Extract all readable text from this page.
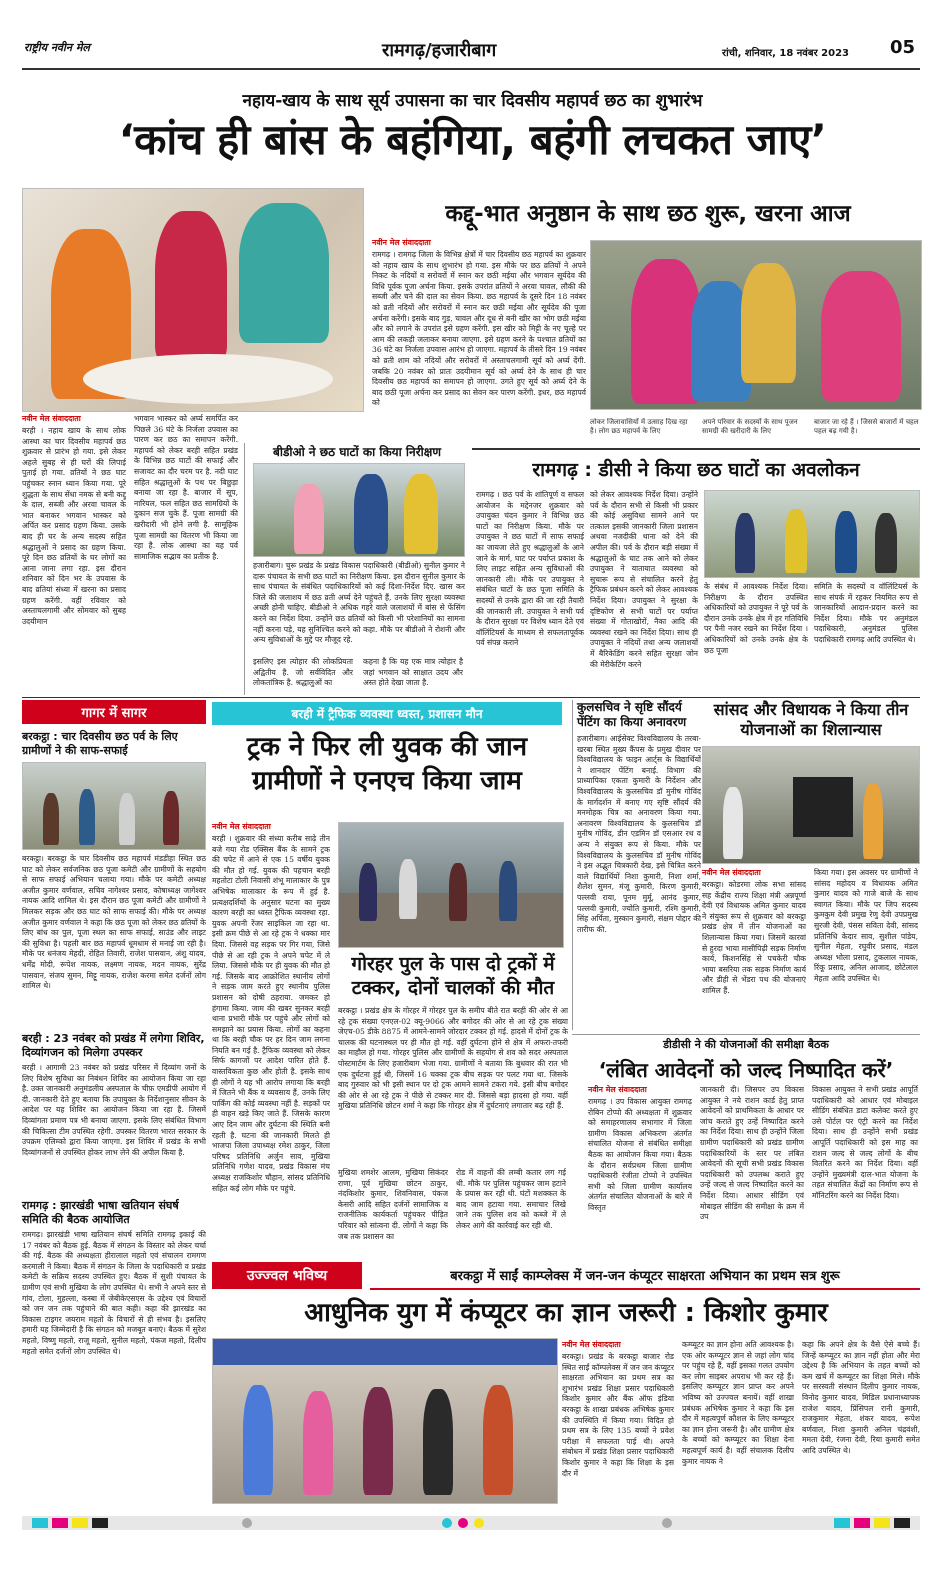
राष्ट्रीय नवीन मेल	रामगढ़/हजारीबाग	रांची, शनिवार, 18 नवंबर 2023 05
नहाय-खाय के साथ सूर्य उपासना का चार दिवसीय महापर्व छठ का शुभारंभ
‘कांच ही बांस के बहंगिया, बहंगी लचकत जाए’
कद्दू-भात अनुष्ठान के साथ छठ शुरू, खरना आज
नवीन मेल संवाददाता
रामगढ़ । रामगढ़ जिला के विभिन्न क्षेत्रों में चार दिवसीय छठ महापर्व का शुक्रवार को नहाय खाय के साथ शुभारंभ हो गया. इस मौके पर छठ व्रतियों ने अपने निकट के नदियों व सरोवरों में स्नान कर छठी मईया और भगवान सूर्यदेव की विधि पूर्वक पूजा अर्चना किया. इसके उपरांत व्रतियों ने अरवा चावल, लौकी की सब्जी और चने की दाल का सेवन किया. छठ महापर्व के दूसरे दिन 18 नवंबर को व्रती नदियों और सरोवरों में स्नान कर छठी मईया और सूर्यदेव की पूजा अर्चना करेंगी। इसके बाद गुड़, चावल और दूध से बनी खीर का भोग छठी मईया और को लगाने के उपरांत इसे ग्रहण करेंगी. इस खीर को मिट्टी के नए चूल्हे पर आम की लकड़ी जलाकर बनाया जाएगा. इसे ग्रहण करने के पश्चात व्रतियों का 36 घंटे का निर्जला उपवास आरंभ हो जाएगा. महापर्व के तीसरे दिन 19 नवंबर को व्रती शाम को नदियों और सरोवरों में अस्ताचलगामी सूर्य को अर्घ्य देंगी. जबकि 20 नवंबर को प्रातः उदयीमान सूर्य को अर्घ्य देने के साथ ही चार दिवसीय छठ महापर्व का समापन हो जाएगा. उगते हुए सूर्य को अर्घ्य देने के बाद छठी पूजा अर्चना कर प्रसाद का सेवन कर पारण करेंगी. इधर, छठ महापर्व को
लोकर जिलावासियों में उत्साह दिख रहा है। लोग छठ महापर्व के लिए
अपने परिवार के सदस्यों के साथ पूजन सामग्री की खरीदारी के लिए
बाजार जा रहे हैं । जिससे बाजारों में चहल पहल बढ़ गयी है।
नवीन मेल संवाददाता
बरही । नहाय खाय के साथ लोक आस्था का चार दिवसीय महापर्व छठ शुक्रवार से प्रारंभ हो गया. इसे लेकर अहले सुबह से ही घरों की लिपाई पुताई हो गया. व्रतियों ने छठ घाट पहुंचकर स्नान ध्यान किया गया. पूरे शुद्धता के साथ सेंधा नमक से बनी कद्दू के दाल, सब्जी और अरवा चावल के भात बनाकर भगवान भास्कर को अर्पित कर प्रसाद ग्रहण किया. उसके बाद ही घर के अन्य सदस्य सहित श्रद्धालुओं ने प्रसाद का ग्रहण किया. पूरे दिन छठ व्रतियों के घर लोगों का आना जाना लगा रहा. इस दौरान शनिवार को दिन भर के उपवास के बाद व्रतियां संध्या में खरना का प्रसाद ग्रहण करेंगी. वहीं रविवार को अस्ताचलगामी और सोमवार को सुबह उदयीमान
भगवान भास्कर को अर्घ्य समर्पित कर पिछले 36 घंटे के निर्जला उपवास का पारण कर छठ का समापन करेंगी. महापर्व को लेकर बरही सहित प्रखंड के विभिन्न छठ घाटों की सफाई और सजावट का दौर चरम पर है. नदी घाट सहित श्रद्धालुओं के पथ पर बिछुड़ा बनाया जा रहा है. बाजार में सूप, नारियल, फल सहित छठ सामग्रियों के दुकान सज चुके हैं. पूजा सामग्री की खरीदारी भी होने लगी है. सामूहिक पूजा सामग्री का वितरण भी किया जा रहा है. लोक आस्था का यह पर्व सामाजिक सद्भाव का प्रतीक है.
बीडीओ ने छठ घाटों का किया निरीक्षण
हजारीबाग। चुरू प्रखंड के प्रखंड विकास पदाधिकारी (बीडीओ) सुनील कुमार ने दारू पंचायत के सभी छठ घाटों का निरीक्षण किया. इस दौरान सुनील कुमार के साथ पंचायत के संबंधित पदाधिकारियों को कई दिशा-निर्देश दिए. खास कर जिले की जलाशय में छठ व्रती अर्घ्य देने पहुंचते हैं, उनके लिए सुरक्षा व्यवस्था अच्छी होनी चाहिए. बीडीओ ने अधिक गहरे वाले जलाशयों में बांस से फेंसिंग करने का निर्देश दिया. उन्होंने छठ व्रतियों को किसी भी परेशानियों का सामना नहीं करना पड़े, यह सुनिश्चित करने को कहा. मौके पर बीडीओ ने रोशनी और अन्य सुविधाओं के मुद्दे पर मौजूद रहे.
इसलिए इस त्योहार की लोकप्रियता अद्वितीय है. जो सर्वविदित और लोकतांत्रिक है. श्रद्धालुओं का
कहना है कि यह एक मात्र त्योहार है जहां भगवान को साक्षात उदय और अस्त होते देखा जाता है.
रामगढ़ : डीसी ने किया छठ घाटों का अवलोकन
रामगढ़ । छठ पर्व के शांतिपूर्ण व सफल आयोजन के मद्देनजर शुक्रवार को उपायुक्त चंदन कुमार ने विभिन्न छठ घाटों का निरीक्षण किया. मौके पर उपायुक्त ने छठ घाटों में साफ सफाई का जायजा लेते हुए श्रद्धालुओं के आने जाने के मार्ग, घाट पर पर्याप्त प्रकाश के लिए लाइट सहित अन्य सुविधाओं की जानकारी ली। मौके पर उपायुक्त ने संबंधित घाटों के छठ पूजा समिति के सदस्यों से उनके द्वारा की जा रही तैयारी की जानकारी ली. उपायुक्त ने सभी पर्व के दौरान सुरक्षा पर विशेष ध्यान देते एवं वॉलिंटियर्स के माध्यम से सफलतापूर्वक पर्व संपन्न कराने
को लेकर आवश्यक निर्देश दिया। उन्होंने पर्व के दौरान सभी से किसी भी प्रकार की कोई असुविधा सामने आने पर तत्काल इसकी जानकारी जिला प्रशासन अथवा नजदीकी थाना को देने की अपील की। पर्व के दौरान बड़ी संख्या में श्रद्धालुओं के घाट तक आने को लेकर उपायुक्त ने यातायात व्यवस्था को सुचारू रूप से संचालित करने हेतु ट्रैफिक प्रबंधन करने को लेकर आवश्यक निर्देश दिया। उपायुक्त ने सुरक्षा के दृष्टिकोण से सभी घाटों पर पर्याप्त संख्या में गोताखोरों, नैका आदि की व्यवस्था रखने का निर्देश दिया। साथ ही उपायुक्त ने नदियों तथा अन्य जलाशयों में बैरिकेडिंग करने सहित सुरक्षा जोन की मेरीकेटिंग करने
के संबंध में आवश्यक निर्देश दिया। निरीक्षण के दौरान उपस्थित अधिकारियों को उपायुक्त ने पूरे पर्व के दौरान उनके उनके क्षेत्र में हर गतिविधि पर पैनी नजर रखने का निर्देश दिया । अधिकारियों को उनके उनके क्षेत्र के छठ पूजा
समिति के सदस्यों व वॉलिंटियर्स के साथ संपर्क में रहकर नियमित रूप से जानकारियों आदान-प्रदान करने का निर्देश दिया। मौके पर अनुमंडल पदाधिकारी, अनुमंडल पुलिस पदाधिकारी रामगढ़ आदि उपस्थित थे।
गागर में सागर
बरकट्ठा : चार दिवसीय छठ पर्व के लिए ग्रामीणों ने की साफ-सफाई
बरकट्ठा। बरकट्ठा के चार दिवसीय छठ महापर्व मंडडीहा स्थित छठ घाट को लेकर सर्वजनिक छठ पूजा कमेटी और ग्रामीणों के सहयोग से साफ सफाई अभियान चलाया गया। मौके पर कमेटी अध्यक्ष अजीत कुमार वर्णवाल, सचिव नागेश्वर प्रसाद, कोषाध्यक्ष जागेश्वर नायक आदि शामिल थे। इस दौरान छठ पूजा कमेटी और ग्रामीणों ने मिलकर सड़क और छठ घाट को साफ सफाई की। मौके पर अध्यक्ष अजीत कुमार वर्णवाल ने कहा कि छठ पूजा को लेकर छठ व्रतियों के लिए बांध का पुल, पूजा स्थल का साफ सफाई, साउंड और लाइट की सुविधा है। पहली बार छठ महापर्व धूमधाम से मनाई जा रही है। मौके पर धनंजय मेहदी, रोहित तिवारी, राजेश पासवान, अंशु यादव, धर्मेंद्र मोदी, रूपेश नायक, लक्ष्मण नायक, मदन नायक, सुरेंद्र पासवान, संजय सुमन, मिट्टू नायक, राजेश करमा समेत दर्जनों लोग शामिल थे।
बरही : 23 नवंबर को प्रखंड में लगेगा शिविर, दिव्यांगजन को मिलेगा उपस्कर
बरही । आगामी 23 नवंबर को प्रखंड परिसर में दिव्यांग जनों के लिए विशेष सुविधा का निबंधन शिविर का आयोजन किया जा रहा है. उक्त जानकारी अनुमंडलीय अस्पताल के चीफ़ एमडीपी आयोग में दी. जानकारी देते हुए बताया कि उपायुक्त के निर्देशानुसार सीवन के आदेश पर यह शिविर का आयोजन किया जा रहा है. जिसमें दिव्यांगता प्रमाण पत्र भी बनाया जाएगा. इसके लिए संबंधित विभाग की चिकित्सा टीम उपस्थित रहेगी. उपस्कर वितरण भारत सरकार के उपक्रम एलिम्को द्वारा किया जाएगा. इस शिविर में प्रखंड के सभी दिव्यांगजनों से उपस्थित होकर लाभ लेने की अपील किया है.
रामगढ़ : झारखंडी भाषा खतियान संघर्ष समिति की बैठक आयोजित
रामगढ़। झारखंडी भाषा खतियान संघर्ष समिति रामगढ़ इकाई की 17 नवंबर को बैठक हुई. बैठक में संगठन के विस्तार को लेकर चर्चा की गई. बैठक की अध्यक्षता हीरालाल महतो एवं संचालन रामगण करमाली ने किया। बैठक में संगठन के जिला के पदाधिकारी व प्रखंड कमेटी के सक्रिय सदस्य उपस्थित हुए। बैठक में सुशी पंचायत के ग्रामीण एवं सभी मुखिया के लोग उपस्थित थे। सभी ने अपने स्तर से गांव, टोला, मुहल्ला, कस्बा में जेबीकेएसएस के उद्देश्य एवं विचारों को जन जन तक पहुंचाने की बात कही। कहा की झारखंड का विकास टाइगर जयराम महतो के विचारों से ही संभव है। इसलिए हमारी यह जिम्मेदारी है कि संगठन को मजबूत बनाएं। बैठक में सुरेश महतो, विष्णु महतो, राजू महतो, सुनील महतो, पंकज महतो, दिलीप महतो समेत दर्जनों लोग उपस्थित थे।
बरही में ट्रैफिक व्यवस्था ध्वस्त, प्रशासन मौन
ट्रक ने फिर ली युवक की जान ग्रामीणों ने एनएच किया जाम
नवीन मेल संवाददाता
बरही । शुक्रवार की संध्या करीब साढ़े तीन बजे गया रोड एक्सिस बैंक के सामने ट्रक की चपेट में आने से एक 15 वर्षीय युवक की मौत हो गई. युवक की पहचान बरही महतोटा टोली निवासी शंभू मालाकार के पुत्र अभिषेक मालाकार के रूप में हुई है. प्रत्यक्षदर्शियों के अनुसार घटना का मुख्य कारण बरही का ध्वस्त ट्रैफिक व्यवस्था रहा. युवक अपनी रेंजर साइकिल जा रहा था. इसी क्रम पीछे से आ रहे ट्रक ने धक्का मार दिया. जिससे वह सड़क पर गिर गया, जिसे पीछे से आ रही ट्रक ने अपने चपेट में ले लिया. जिससे मौके पर ही युवक की मौत हो गई. जिसके बाद आक्रोशित स्थानीय लोगों ने सड़क जाम करते हुए स्थानीय पुलिस प्रशासन को दोषी ठहराया. जमकर हो हंगामा किया. जाम की खबर सुनकर बरही थाना प्रभारी मौके पर पहुंचे और लोगों को समझाने का प्रयास किया. लोगों का कहना था कि बरही चौक पर हर दिन जाम लगना नियति बन गई है. ट्रैफिक व्यवस्था को लेकर सिर्फ कागजों पर आदेश पारित होते हैं. वास्तविकता कुछ और होती है. इसके साथ ही लोगों ने यह भी आरोप लगाया कि बरही में जितने भी बैंक व व्यवसाय हैं, उनके लिए पार्किंग की कोई व्यवस्था नहीं है. सड़कों पर ही वाहन खड़े किए जाते हैं. जिसके कारण आए दिन जाम और दुर्घटना की स्थिति बनी रहती है. घटना की जानकारी मिलते ही भाजपा जिला उपाध्यक्ष रमेश ठाकुर, जिला परिषद प्रतिनिधि अर्जुन साव, मुखिया प्रतिनिधि गणेश यादव, प्रखंड विकास मंच अध्यक्ष राजकिशोर चौहान, सांसद प्रतिनिधि सहित कई लोग मौके पर पहुंचे.
गोरहर पुल के पास दो ट्रकों में टक्कर, दोनों चालकों की मौत
बरकट्ठा । प्रखंड क्षेत्र के गोरहर में गोरहर पुल के समीप बीते रात बरही की ओर से आ रहे ट्रक संख्या एनएल-02 क्यू-9066 और बगोदर की ओर से आ रहे ट्रक संख्या जेएच-05 डीके 8875 में आमने-सामने जोरदार टक्कर हो गई. हादसे में दोनों ट्रक के चालक की घटनास्थल पर ही मौत हो गई. वहीं दुर्घटना होने से क्षेत्र में अफरा-तफरी का माहौल हो गया. गोरहर पुलिस और ग्रामीणों के सहयोग से शव को सदर अस्पताल पोस्टमार्टम के लिए हजारीबाग भेजा गया. ग्रामीणों ने बताया कि बुधवार की रात भी एक दुर्घटना हुई थी, जिसमें 16 चक्का ट्रक बीच सड़क पर पलट गया था. जिसके बाद गुरुवार को भी इसी स्थान पर दो ट्रक आमने सामने टकरा गये. इसी बीच बगोदर की ओर से आ रहे ट्रक ने पीछे से टक्कर मार दी. जिससे बड़ा हादसा हो गया. वहीं मुखिया प्रतिनिधि छोटन शर्मा ने कहा कि गोरहर क्षेत्र में दुर्घटनाएं लगातार बढ़ रही हैं.
मुखिया शमशेर आलम, मुखिया सिकंदर राणा, पूर्व मुखिया छोटन ठाकुर, नंदकिशोर कुमार, शिवनिवास, पंकज केसरी आदि सहित दर्जनों सामाजिक व राजनीतिक कार्यकर्ता पहुंचकर पीड़ित परिवार को सांत्वना दी. लोगों ने कहा कि जब तक प्रशासन का
रोड में वाहनों की लम्बी कतार लग गई थी. मौके पर पुलिस पहुंचकर जाम हटाने के प्रयास कर रही थी. घंटों मशक्कत के बाद जाम हटाया गया. समाचार लिखे जाने तक पुलिस शव को कब्जे में ले लेकर आगे की कार्रवाई कर रही थी.
कुलसचिव ने सृष्टि सौंदर्य पेंटिंग का किया अनावरण
हजारीबाग। आईसेक्ट विश्वविद्यालय के तरबा-खरबा स्थित मुख्य कैंपस के प्रमुख दीवार पर विश्वविद्यालय के फाइन आर्ट्स के विद्यार्थियों ने शानदार पेंटिंग बनाई. विभाग की प्राध्यापिका एकता कुमारी के निर्देशन और विश्वविद्यालय के कुलसचिव डॉ मुनीष गोविंद के मार्गदर्शन में बनाए गए सृष्टि सौंदर्य की मनमोहक चित्र का अनावरण किया गया. अनावरण विश्वविद्यालय के कुलसचिव डॉ मुनीष गोविंद, डीन एडमिन डॉ एसआर रथ व अन्य ने संयुक्त रूप से किया. मौके पर विश्वविद्यालय के कुलसचिव डॉ मुनीष गोविंद ने इस अद्भुत चित्रकारी देख, इसे चित्रित करने वाले विद्यार्थियों निशा कुमारी, निशा शर्मा, शैलेश सुमन, मंजू कुमारी, किरण कुमारी, पल्लवी राया, पूनम मुर्मू, आनंद कुमार, पल्लवी कुमारी, ज्योति कुमारी, रश्मि कुमारी, सिंह अर्पिता, मुस्कान कुमारी, संक्षम पोद्दार की तारीफ की.
सांसद और विधायक ने किया तीन योजनाओं का शिलान्यास
नवीन मेल संवाददाता
बरकट्ठा। कोडरमा लोक सभा सांसद सह केंद्रीय राज्य शिक्षा मंत्री अन्नपूर्णा देवी एवं विधायक अमित कुमार यादव ने संयुक्त रूप से शुक्रवार को बरकट्ठा प्रखंड क्षेत्र में तीन योजनाओं का शिलान्यास किया गया। जिसमें कारवां से हुरदा भाया मासीपिढ़ी सड़क निर्माण कार्य, किशनसिंह से पचकेरी चौक भाया बसरिया तक सड़क निर्माण कार्य और डीही से भेंडरा पथ की योजनाएं शामिल हैं.
किया गया। इस अवसर पर ग्रामीणों ने सांसद महोदय व विधायक अमित कुमार यादव को गाजे बाजे के साथ स्वागत किया। मौके पर जिप सदस्य कुमकुम देवी प्रमुख रेणु देवी उपप्रमुख सुरजी देवी, पंसस सविता देवी, सांसद प्रतिनिधि केदार साव, सुशील पांडेय, सुनील मेहता, रघुवीर प्रसाद, मंडल अध्यक्ष भोला प्रसाद, टुकलाल नायक, रिंकू प्रसाद, अनिल आजाद, छोटेलाल मेहता आदि उपस्थित थे।
डीडीसी ने की योजनाओं की समीक्षा बैठक
‘लंबित आवेदनों को जल्द निष्पादित करें’
नवीन मेल संवाददाता
रामगढ़ । उप विकास आयुक्त रामगढ़ रोबिन टोप्पो की अध्यक्षता में शुक्रवार को समाहरणालय सभागार में जिला ग्रामीण विकास अभिकरण अंतर्गत संचालित योजना से संबंधित समीक्षा बैठक का आयोजन किया गया। बैठक के दौरान सर्वप्रथम जिला ग्रामीण पदाधिकारी रंजीता टोप्पो ने उपस्थित सभी को जिला ग्रामीण कार्यालय अंतर्गत संचालित योजनाओं के बारे में विस्तृत
जानकारी दी। जिसपर उप विकास आयुक्त ने नये राशन कार्ड हेतु प्राप्त आवेदनों को प्राथमिकता के आधार पर जांच कराते हुए उन्हें निष्पादित करने का निर्देश दिया। साथ ही उन्होंने जिला ग्रामीण पदाधिकारी को प्रखंड ग्रामीण पदाधिकारियों के स्तर पर लंबित आवेदनों की सूची सभी प्रखंड विकास पदाधिकारी को उपलब्ध कराते हुए उन्हें जल्द से जल्द निष्पादित करने का निर्देश दिया। आधार सीडिंग एवं मोबाइल सीडिंग की समीक्षा के क्रम में उप
विकास आयुक्त ने सभी प्रखंड आपूर्ति पदाधिकारी को आधार एवं मोबाइल सीडिंग संबंधित डाटा कलेक्ट करते हुए उसे पोर्टल पर एंट्री करने का निर्देश दिया। साथ ही उन्होंने सभी प्रखंड आपूर्ति पदाधिकारी को इस माह का राशन जल्द से जल्द लोगों के बीच वितरित करने का निर्देश दिया। वहीं उन्होंने मुख्यमंत्री दाल-भात योजना के तहत संचालित केंद्रों का निर्माण रूप से मॉनिटरिंग करने का निर्देश दिया।
उज्ज्वल भविष्य	बरकट्ठा में साईं काम्प्लेक्स में जन-जन कंप्यूटर साक्षरता अभियान का प्रथम सत्र शुरू
आधुनिक युग में कंप्यूटर का ज्ञान जरूरी : किशोर कुमार
नवीन मेल संवाददाता
बरकट्ठा। प्रखंड के बरकट्ठा बाजार रोड स्थित साईं कॉम्पलेक्स में जन जन कंप्यूटर साक्षरता अभियान का प्रथम सत्र का शुभारंभ प्रखंड शिक्षा प्रसार पदाधिकारी किशोर कुमार और बैंक ऑफ इंडिया बरकट्ठा के शाखा प्रबंधक अभिषेक कुमार की उपस्थिति में किया गया। विदित हो प्रथम सत्र के लिए 135 बच्चों ने प्रवेश परीक्षा में सफलता पाई थी। अपने संबोधन में प्रखंड शिक्षा प्रसार पदाधिकारी किशोर कुमार ने कहा कि शिक्षा के इस दौर में
कम्प्यूटर का ज्ञान होना अति आवश्यक है। एक ओर कम्प्यूटर ज्ञान से जहां लोग चांद पर पहुंच रहे हैं, वहीं इसका गलत उपयोग कर लोग साइबर अपराध भी कर रहे हैं। इसलिए कम्प्यूटर ज्ञान प्राप्त कर अपने भविष्य को उज्ज्वल बनायें। वहीं शाखा प्रबंधक अभिषेक कुमार ने कहा कि इस दौर में महत्वपूर्ण कौशल के लिए कम्प्यूटर का ज्ञान होना जरूरी है। और ग्रामीण क्षेत्र के बच्चों को कम्प्यूटर का शिक्षा देना महत्वपूर्ण कार्य है। वहीं संचालक दिलीप कुमार नायक ने
कहा कि अपने क्षेत्र के वैसे ऐसे बच्चे हैं। जिन्हें कम्प्यूटर का ज्ञान नहीं होता और मेरा उद्देश्य है कि अभियान के तहत बच्चों को कम खर्च में कम्प्यूटर का शिक्षा मिले। मौके पर सरस्वती संस्थान दिलीप कुमार नायक, विनोद कुमार यादव, मिडिल प्रधानाध्यापक राजेश यादव, प्रिंसिपल रानी कुमारी, राजकुमार मेहता, शंकर यादव, रूपेश बर्णवाल, निशा कुमारी अनिल चंद्रवंशी, ममता देवी, रंजना देवी, रिया कुमारी समेत आदि उपस्थित थे।
